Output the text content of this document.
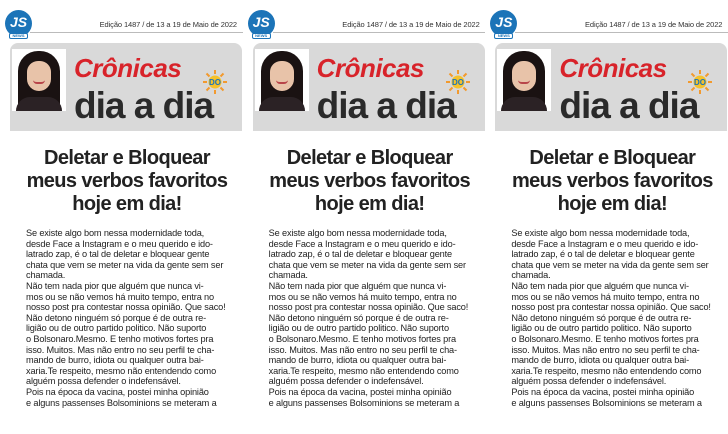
JS
NEWS
Edição 1487 / de 13 a 19 de Maio de 2022
Crônicas	DO
dia a dia
Deletar e Bloquear
meus verbos favoritos
hoje em dia!

Se existe algo bom nessa modernidade toda,
desde Face a Instagram e o meu querido e ido-
latrado zap, é o tal de deletar e bloquear gente
chata que vem se meter na vida da gente sem ser
chamada.

Não tem nada pior que alguém que nunca vi-
mos ou se não vemos há muito tempo, entra no
nosso post pra contestar nossa opinião. Que saco!

Não detono ninguém só porque é de outra re-
ligião ou de outro partido politico. Não suporto
o Bolsonaro.Mesmo. E tenho motivos fortes pra
isso. Muitos. Mas não entro no seu perfil te cha-
mando de burro, idiota ou qualquer outra bai-
xaria.Te respeito, mesmo não entendendo como
alguém possa defender o indefensável.

Pois na época da vacina, postei minha opinião
e alguns passenses Bolsominions se meteram a

JS
NEWS
Edição 1487 / de 13 a 19 de Maio de 2022
Crônicas	DO
dia a dia
Deletar e Bloquear
meus verbos favoritos
hoje em dia!

Se existe algo bom nessa modernidade toda,
desde Face a Instagram e o meu querido e ido-
latrado zap, é o tal de deletar e bloquear gente
chata que vem se meter na vida da gente sem ser
chamada.

Não tem nada pior que alguém que nunca vi-
mos ou se não vemos há muito tempo, entra no
nosso post pra contestar nossa opinião. Que saco!

Não detono ninguém só porque é de outra re-
ligião ou de outro partido politico. Não suporto
o Bolsonaro.Mesmo. E tenho motivos fortes pra
isso. Muitos. Mas não entro no seu perfil te cha-
mando de burro, idiota ou qualquer outra bai-
xaria.Te respeito, mesmo não entendendo como
alguém possa defender o indefensável.

Pois na época da vacina, postei minha opinião
e alguns passenses Bolsominions se meteram a

JS
NEWS
Edição 1487 / de 13 a 19 de Maio de 2022
Crônicas	DO
dia a dia
Deletar e Bloquear
meus verbos favoritos
hoje em dia!

Se existe algo bom nessa modernidade toda,
desde Face a Instagram e o meu querido e ido-
latrado zap, é o tal de deletar e bloquear gente
chata que vem se meter na vida da gente sem ser
chamada.

Não tem nada pior que alguém que nunca vi-
mos ou se não vemos há muito tempo, entra no
nosso post pra contestar nossa opinião. Que saco!

Não detono ninguém só porque é de outra re-
ligião ou de outro partido politico. Não suporto
o Bolsonaro.Mesmo. E tenho motivos fortes pra
isso. Muitos. Mas não entro no seu perfil te cha-
mando de burro, idiota ou qualquer outra bai-
xaria.Te respeito, mesmo não entendendo como
alguém possa defender o indefensável.

Pois na época da vacina, postei minha opinião
e alguns passenses Bolsominions se meteram a
